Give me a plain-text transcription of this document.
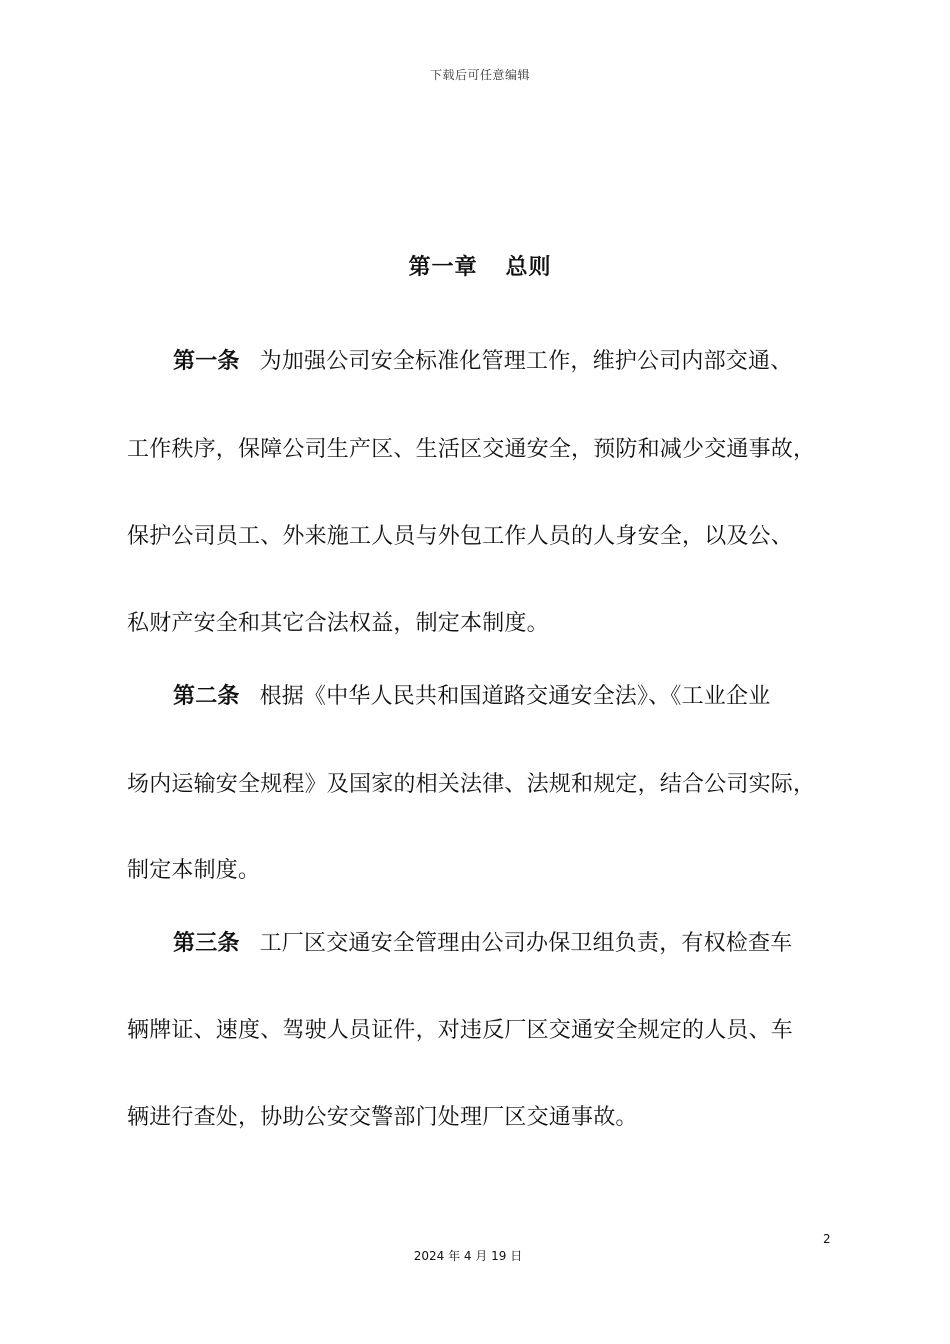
下载后可任意编辑
第一章 总则
第一条 为加强公司安全标准化管理工作，维护公司内部交通、
工作秩序，保障公司生产区、生活区交通安全，预防和减少交通事故，
保护公司员工、外来施工人员与外包工作人员的人身安全，以及公、
私财产安全和其它合法权益，制定本制度。
第二条 根据《中华人民共和国道路交通安全法》、《工业企业
场内运输安全规程》及国家的相关法律、法规和规定，结合公司实际，
制定本制度。
第三条 工厂区交通安全管理由公司办保卫组负责，有权检查车
辆牌证、速度、驾驶人员证件，对违反厂区交通安全规定的人员、车
辆进行查处，协助公安交警部门处理厂区交通事故。
2
2024 年 4 月 19 日
